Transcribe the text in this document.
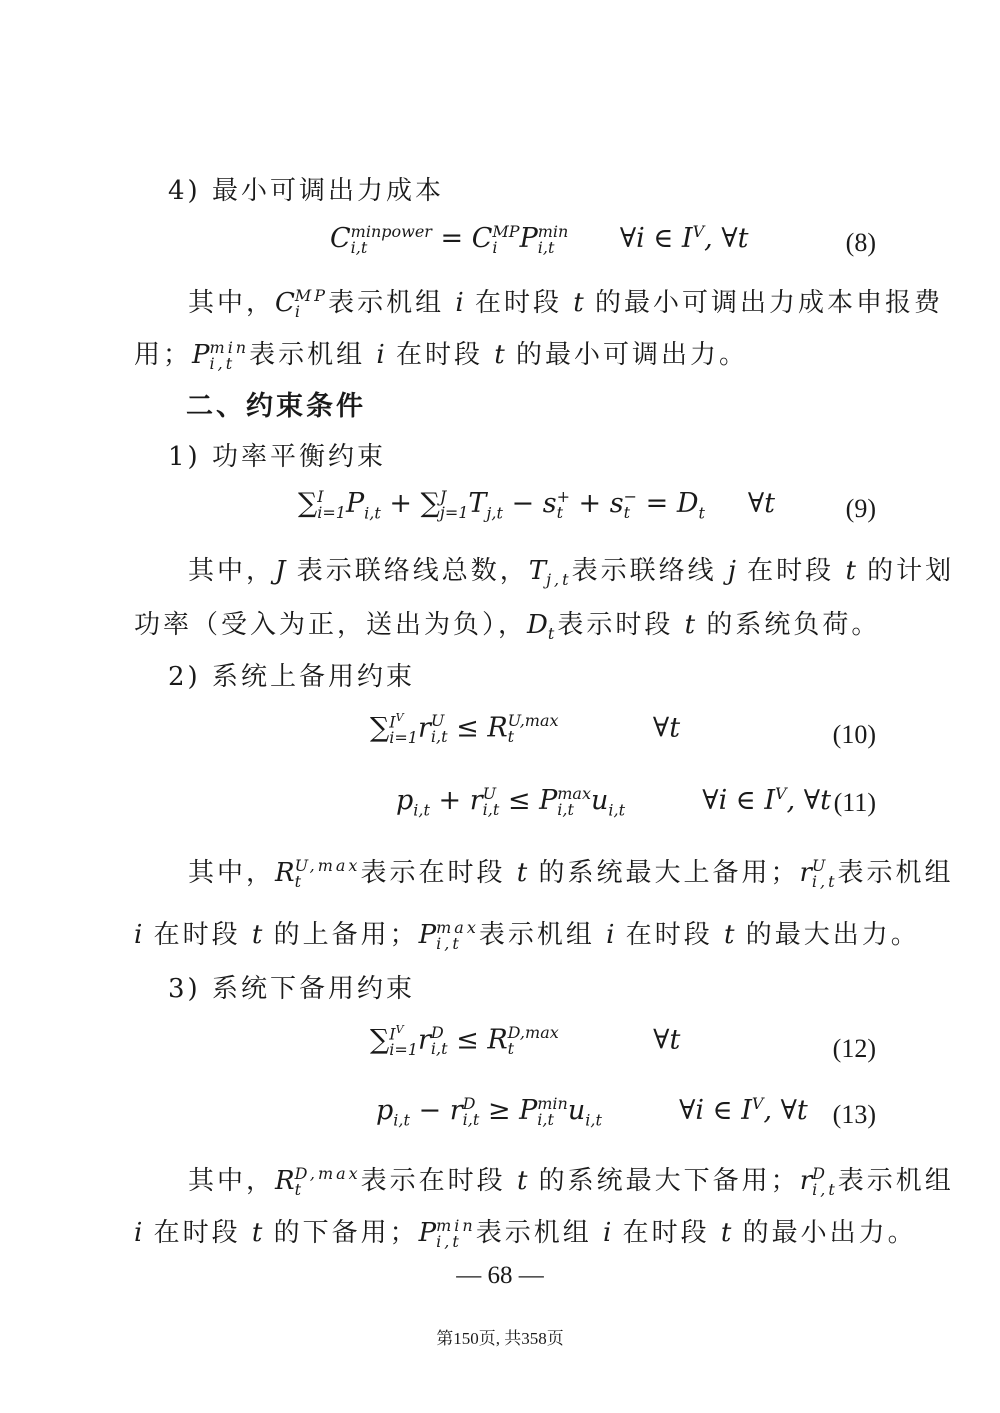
4) 最小可调出力成本
C minpower
i,t	= C MP
i P min
i,t ∀i ∈ $I^V$, ∀t	(8)
其中，C MP
i 表示机组 i 在时段 t 的最小可调出力成本申报费
用；P min
i,t 表示机组 i 在时段 t 的最小可调出力。
二、约束条件
1) 功率平衡约束
∑ I
i=1 $P_{i,t}$ + ∑ J
j=1 $T_{j,t} - s$ +
t + s −
$t = D_t$     ∀t	(9)
其中，J 表示联络线总数，$T_{j,t}$表示联络线 j 在时段 t 的计划
功率（受入为正，送出为负），$D_t$表示时段 t 的系统负荷。
2) 系统上备用约束
∑ $I^V$
i=1 r U
i,t ≤ R U,max
t	∀t	(10)
$p_{i,t} + r$ U
i,t ≤ P max
i,t $u_{i,t}$         ∀i ∈ $I^V$, ∀t (11)
其中，R U,max
t	表示在时段 t 的系统最大上备用；r U
i,t 表示机组
i 在时段 t 的上备用；P max
i,t 表示机组 i 在时段 t 的最大出力。
3) 系统下备用约束
∑ $I^V$
i=1 r D
i,t ≤ R D,max
t	∀t	(12)
$p_{i,t} - r$ D
i,t ≥ P min
i,t $u_{i,t}$         ∀i ∈ $I^V$, ∀t (13)
其中，R D,max
t	表示在时段 t 的系统最大下备用；r D
i,t 表示机组
i 在时段 t 的下备用；P min
i,t 表示机组 i 在时段 t 的最小出力。
— 68 —
第150页, 共358页
